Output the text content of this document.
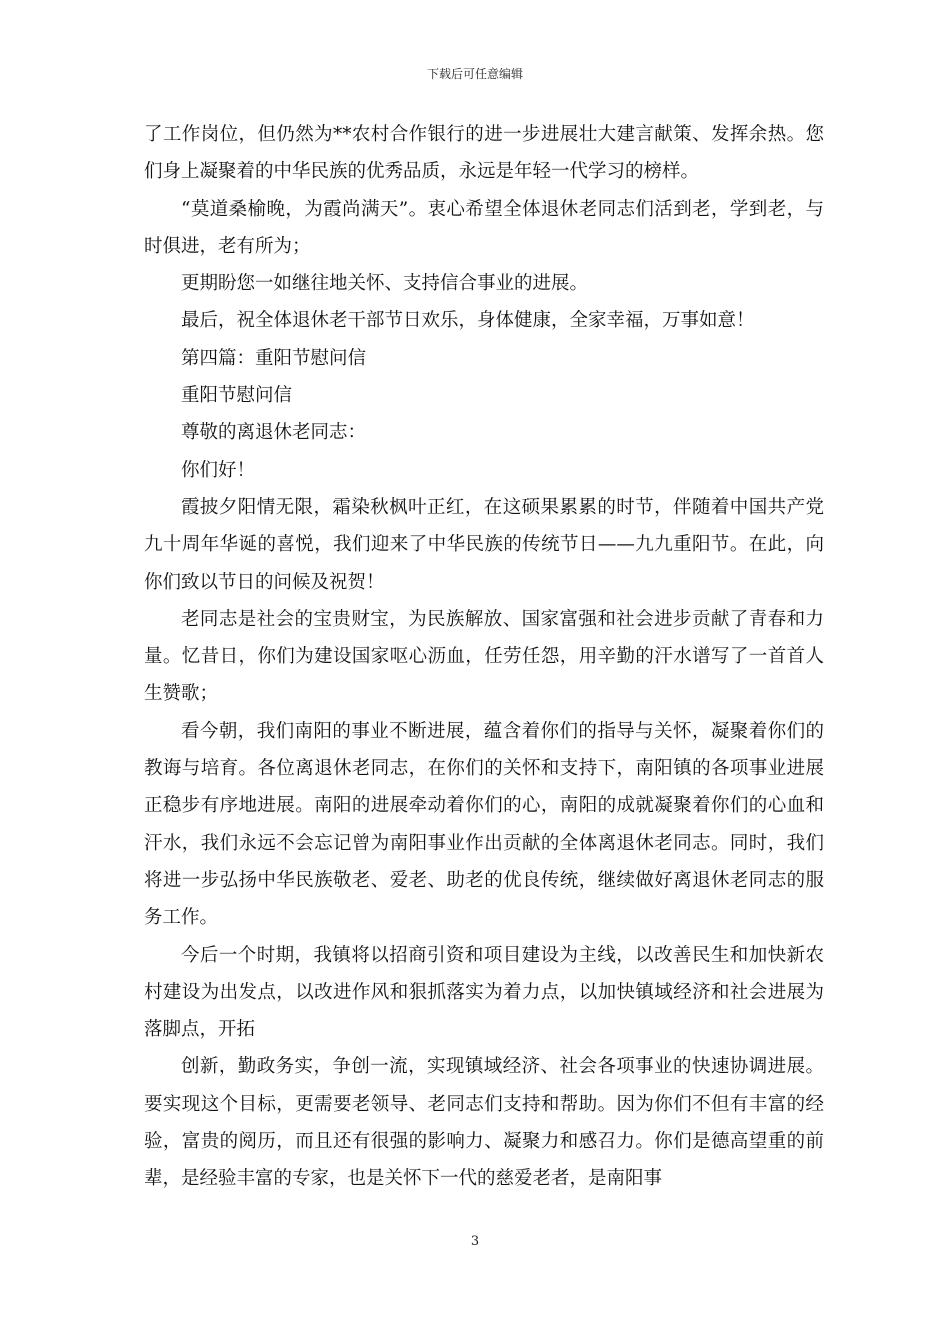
下载后可任意编辑

了工作岗位，但仍然为**农村合作银行的进一步进展壮大建言献策、发挥余热。您们身上凝聚着的中华民族的优秀品质，永远是年轻一代学习的榜样。

“莫道桑榆晚，为霞尚满天”。衷心希望全体退休老同志们活到老，学到老，与时俱进，老有所为；

更期盼您一如继往地关怀、支持信合事业的进展。

最后，祝全体退休老干部节日欢乐，身体健康，全家幸福，万事如意！

第四篇：重阳节慰问信

重阳节慰问信

尊敬的离退休老同志：

你们好！

霞披夕阳情无限，霜染秋枫叶正红，在这硕果累累的时节，伴随着中国共产党九十周年华诞的喜悦，我们迎来了中华民族的传统节日——九九重阳节。在此，向你们致以节日的问候及祝贺！

老同志是社会的宝贵财宝，为民族解放、国家富强和社会进步贡献了青春和力量。忆昔日，你们为建设国家呕心沥血，任劳任怨，用辛勤的汗水谱写了一首首人生赞歌；

看今朝，我们南阳的事业不断进展，蕴含着你们的指导与关怀，凝聚着你们的教诲与培育。各位离退休老同志，在你们的关怀和支持下，南阳镇的各项事业进展正稳步有序地进展。南阳的进展牵动着你们的心，南阳的成就凝聚着你们的心血和汗水，我们永远不会忘记曾为南阳事业作出贡献的全体离退休老同志。同时，我们将进一步弘扬中华民族敬老、爱老、助老的优良传统，继续做好离退休老同志的服务工作。

今后一个时期，我镇将以招商引资和项目建设为主线，以改善民生和加快新农村建设为出发点，以改进作风和狠抓落实为着力点，以加快镇域经济和社会进展为落脚点，开拓

创新，勤政务实，争创一流，实现镇域经济、社会各项事业的快速协调进展。要实现这个目标，更需要老领导、老同志们支持和帮助。因为你们不但有丰富的经验，富贵的阅历，而且还有很强的影响力、凝聚力和感召力。你们是德高望重的前辈，是经验丰富的专家，也是关怀下一代的慈爱老者，是南阳事

3
